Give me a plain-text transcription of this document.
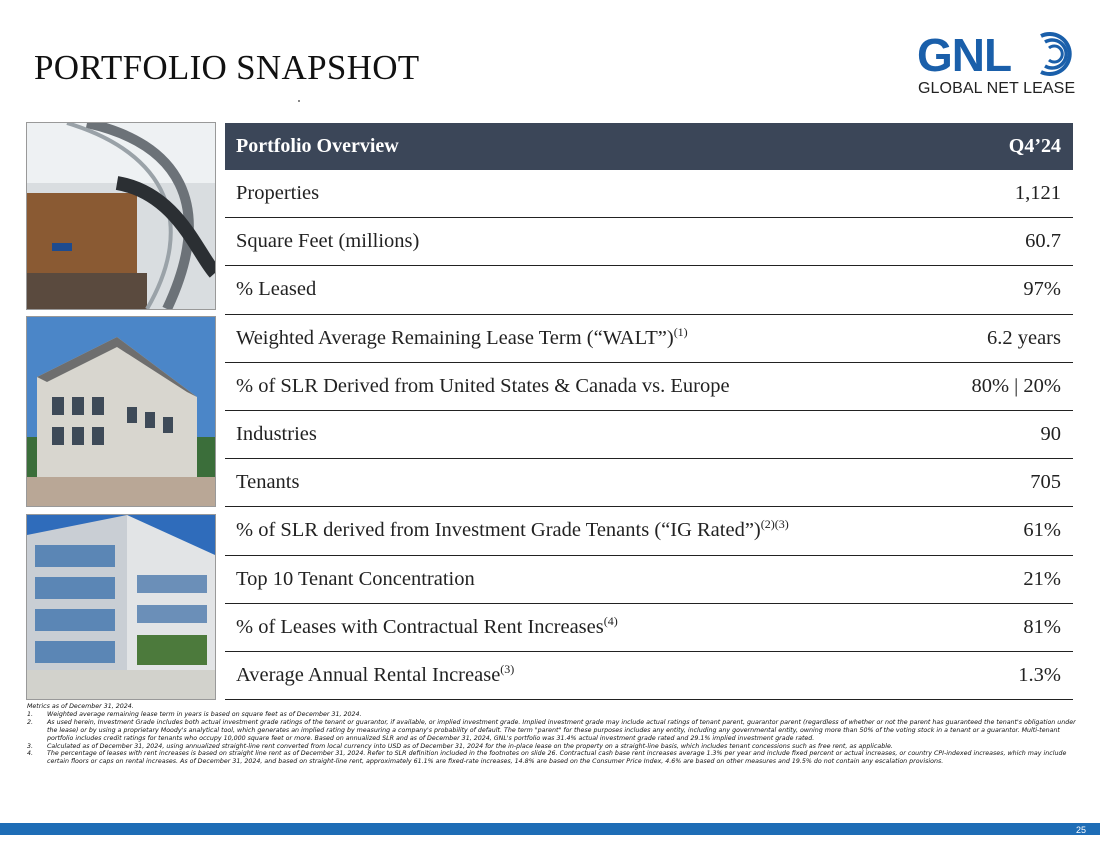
PORTFOLIO SNAPSHOT	GNL
GLOBAL NET LEASE
Portfolio Overview	Q4’24
Properties	1,121
Square Feet (millions)	60.7
% Leased	97%
Weighted Average Remaining Lease Term (“WALT”)$^{(1)}$	6.2 years
% of SLR Derived from United States & Canada vs. Europe	80% | 20%
Industries	90
Tenants	705
% of SLR derived from Investment Grade Tenants (“IG Rated”)$^{(2)(3)}$	61%
Top 10 Tenant Concentration	21%
% of Leases with Contractual Rent Increases$^{(4)}$	81%
Average Annual Rental Increase$^{(3)}$	1.3%
Metrics as of December 31, 2024.
1.	Weighted average remaining lease term in years is based on square feet as of December 31, 2024.
2.	As used herein, Investment Grade includes both actual investment grade ratings of the tenant or guarantor, if available, or implied investment grade. Implied investment grade may include actual ratings of tenant parent, guarantor parent (regardless of whether or not the parent has guaranteed the tenant's obligation under the lease) or by using a proprietary Moody's analytical tool, which generates an implied rating by measuring a company's probability of default. The term "parent" for these purposes includes any entity, including any governmental entity, owning more than 50% of the voting stock in a tenant or a guarantor. Multi-tenant portfolio includes credit ratings for tenants who occupy 10,000 square feet or more. Based on annualized SLR and as of December 31, 2024, GNL's portfolio was 31.4% actual investment grade rated and 29.1% implied investment grade rated.
3.	Calculated as of December 31, 2024, using annualized straight-line rent converted from local currency into USD as of December 31, 2024 for the in-place lease on the property on a straight-line basis, which includes tenant concessions such as free rent, as applicable.
4.	The percentage of leases with rent increases is based on straight line rent as of December 31, 2024. Refer to SLR definition included in the footnotes on slide 26. Contractual cash base rent increases average 1.3% per year and include fixed percent or actual increases, or country CPI-indexed increases, which may include certain floors or caps on rental increases. As of December 31, 2024, and based on straight-line rent, approximately 61.1% are fixed-rate increases, 14.8% are based on the Consumer Price Index, 4.6% are based on other measures and 19.5% do not contain any escalation provisions.
25
